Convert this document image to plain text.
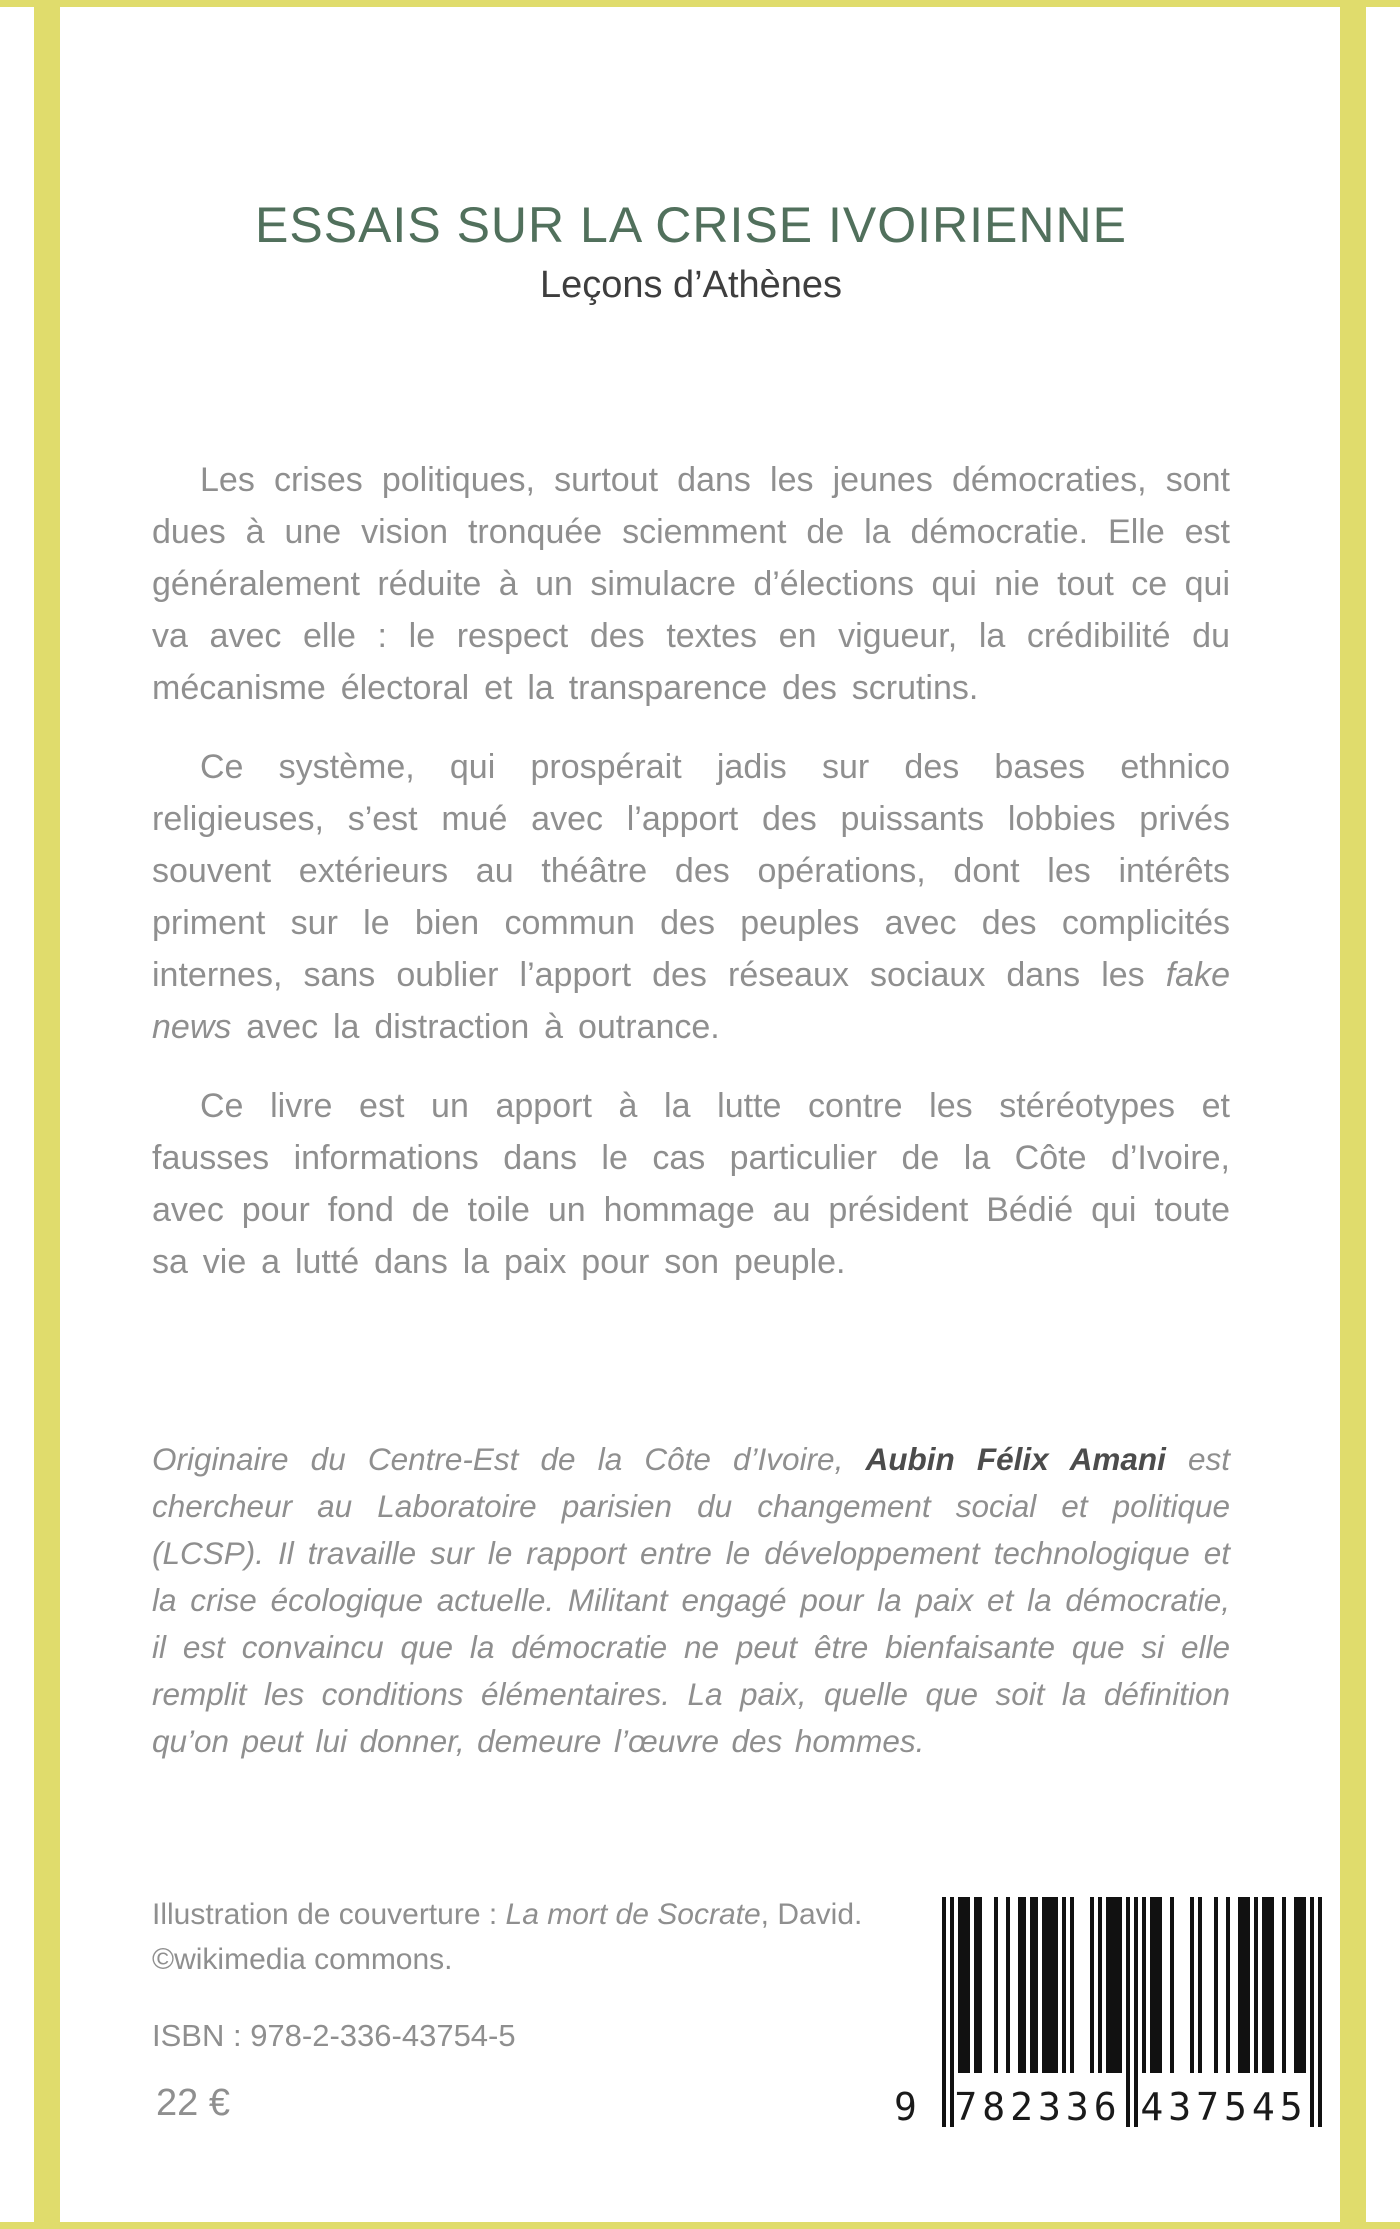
ESSAIS SUR LA CRISE IVOIRIENNE
Leçons d’Athènes

Les crises politiques, surtout dans les jeunes démocraties, sont dues à une vision tronquée sciemment de la démocratie. Elle est généralement réduite à un simulacre d’élections qui nie tout ce qui va avec elle : le respect des textes en vigueur, la crédibilité du mécanisme électoral et la transparence des scrutins.

Ce système, qui prospérait jadis sur des bases ethnico religieuses, s’est mué avec l’apport des puissants lobbies privés souvent extérieurs au théâtre des opérations, dont les intérêts priment sur le bien commun des peuples avec des complicités internes, sans oublier l’apport des réseaux sociaux dans les fake news avec la distraction à outrance.

Ce livre est un apport à la lutte contre les stéréotypes et fausses informations dans le cas particulier de la Côte d’Ivoire, avec pour fond de toile un hommage au président Bédié qui toute sa vie a lutté dans la paix pour son peuple.

Originaire du Centre-Est de la Côte d’Ivoire, Aubin Félix Amani est chercheur au Laboratoire parisien du changement social et politique (LCSP). Il travaille sur le rapport entre le développement technologique et la crise écologique actuelle. Militant engagé pour la paix et la démocratie, il est convaincu que la démocratie ne peut être bienfaisante que si elle remplit les conditions élémentaires. La paix, quelle que soit la définition qu’on peut lui donner, demeure l’œuvre des hommes.
Illustration de couverture : La mort de Socrate, David.
©wikimedia commons.
ISBN : 978-2-336-43754-5
22 €	9 782336 437545
